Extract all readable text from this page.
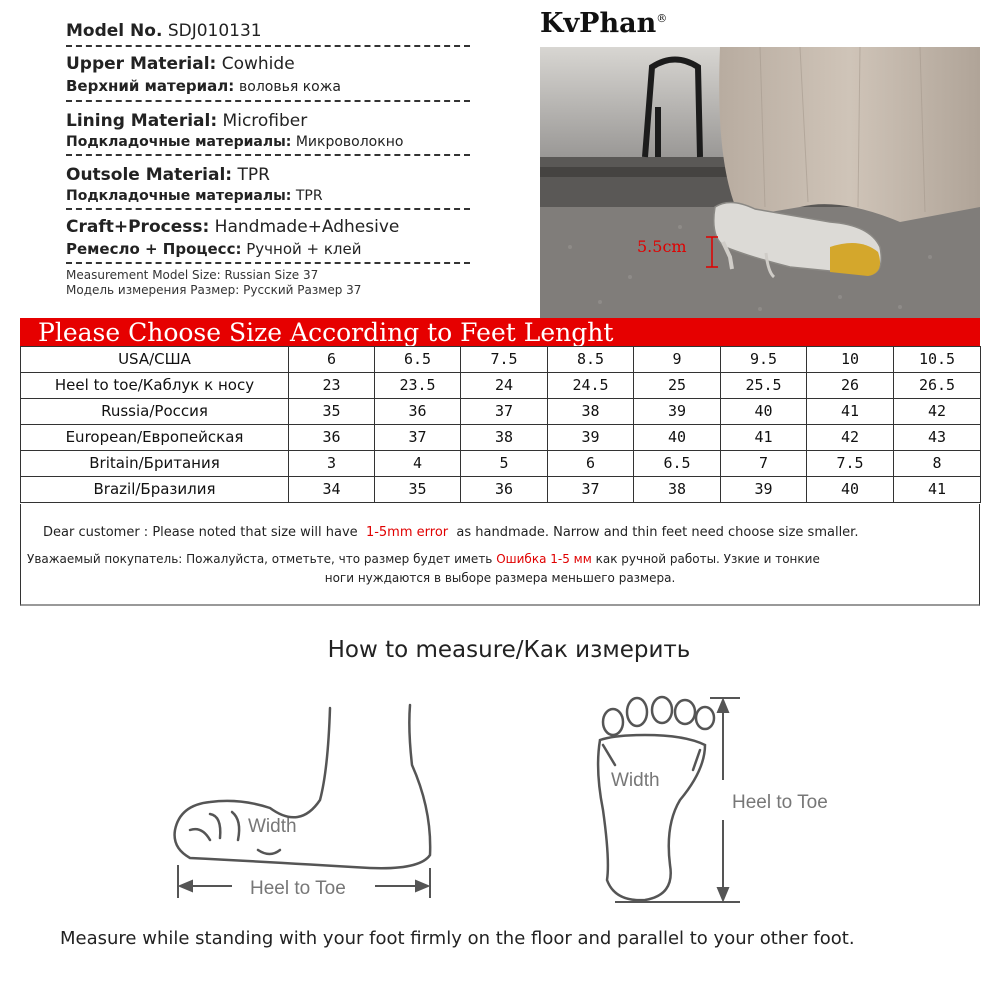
Model No. SDJ010131
Upper Material: Cowhide
Верхний материал: воловья кожа
Lining Material: Microfiber
Подкладочные материалы: Микроволокно
Outsole Material: TPR
Подкладочные материалы: TPR
Craft+Process: Handmade+Adhesive
Ремесло + Процесс: Ручной + клей
Measurement Model Size: Russian Size 37
Модель измерения Размер: Русский Размер 37
KvPhan®
5.5cm
Please Choose Size According to Feet Lenght
USA/СШA	6	6.5	7.5	8.5	9	9.5	10	10.5
Heel to toe/Каблук к носу	23	23.5	24	24.5	25	25.5	26	26.5
Russia/Россия	35	36	37	38	39	40	41	42
European/Европейская	36	37	38	39	40	41	42	43
Britain/Британия	3	4	5	6	6.5	7	7.5	8
Brazil/Бразилия	34	35	36	37	38	39	40	41
Dear customer : Please noted that size will have 1-5mm error as handmade. Narrow and thin feet need choose size smaller.
Уважаемый покупатель: Пожалуйста, отметьте, что размер будет иметь Ошибка 1-5 мм как ручной работы. Узкие и тонкие
ноги нуждаются в выборе размера меньшего размера.
How to measure/Как измерить
Width
Heel to Toe
Width
Heel to Toe
Measure while standing with your foot firmly on the floor and parallel to your other foot.
